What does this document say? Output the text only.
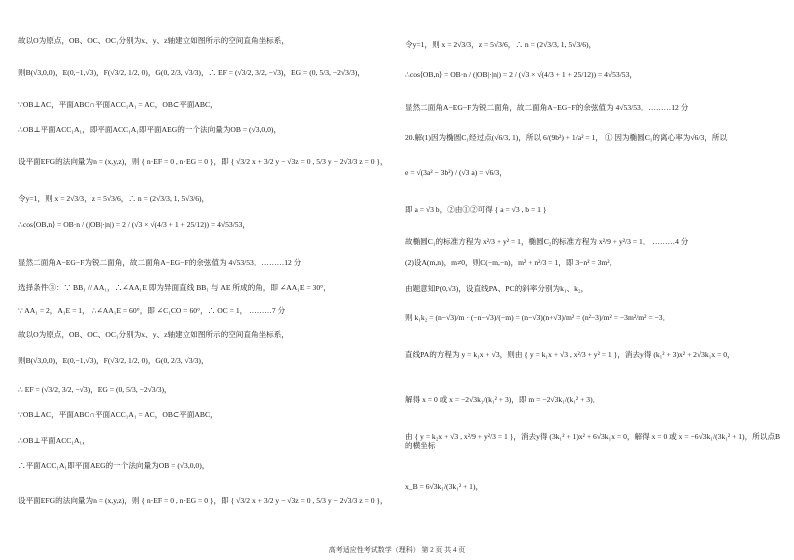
故以O为原点，OB、OC、OC₁分别为x、y、z轴建立如图所示的空间直角坐标系，
则B(√3,0,0)，E(0,−1,√3)，F(√3/2, 1/2, 0)，G(0, 2/3, √3/3)，∴ EF = (√3/2, 3/2, −√3)，EG = (0, 5/3, −2√3/3)，
∵OB⊥AC，平面ABC∩平面ACC₁A₁ = AC，OB⊂平面ABC，
∴OB⊥平面ACC₁A₁，即平面ACC₁A₁即平面AEG的一个法向量为OB = (√3,0,0)，
设平面EFG的法向量为n = (x,y,z)，则 { n·EF = 0 , n·EG = 0 }，即 { √3/2 x + 3/2 y − √3z = 0 , 5/3 y − 2√3/3 z = 0 }，
令y=1，则 x = 2√3/3，z = 5√3/6，∴ n = (2√3/3, 1, 5√3/6)，
∴cos⟨OB,n⟩ = OB·n / (|OB|·|n|) = 2 / (√3 × √(4/3 + 1 + 25/12)) = 4√53/53，
显然二面角A−EG−F为锐二面角，故二面角A−EG−F的余弦值为 4√53/53．………12 分
选择条件③：∵ BB₁ // AA₁，∴∠AA₁E 即为异面直线 BB₁ 与 AE 所成的角，即 ∠AA₁E = 30°，
∵ AA₁ = 2，A₁E = 1， ∴∠AA₁E = 60°，即 ∠C₁CO = 60°，∴ OC = 1， ………7 分
故以O为原点，OB、OC、OC₁分别为x、y、z轴建立如图所示的空间直角坐标系，
则B(√3,0,0)，E(0,−1,√3)，F(√3/2, 1/2, 0)，G(0, 2/3, √3/3)，
∴ EF = (√3/2, 3/2, −√3)，EG = (0, 5/3, −2√3/3)，
∵OB⊥AC，平面ABC∩平面ACC₁A₁ = AC，OB⊂平面ABC，
∴OB⊥平面ACC₁A₁，
∴平面ACC₁A₁即平面AEG的一个法向量为OB = (√3,0,0)，
设平面EFG的法向量为n = (x,y,z)，则 { n·EF = 0 , n·EG = 0 }，即 { √3/2 x + 3/2 y − √3z = 0 , 5/3 y − 2√3/3 z = 0 }，
令y=1，则 x = 2√3/3，z = 5√3/6，∴ n = (2√3/3, 1, 5√3/6)，
∴cos⟨OB,n⟩ = OB·n / (|OB|·|n|) = 2 / (√3 × √(4/3 + 1 + 25/12)) = 4√53/53，
显然二面角A−EG−F为锐二面角，故二面角A−EG−F的余弦值为 4√53/53．………12 分
20.解(1)因为椭圆C₁经过点(√6/3, 1)，所以 6/(9b²) + 1/a² = 1， ① 因为椭圆C₁的离心率为√6/3，所以
e = √(3a² − 3b²) / (√3 a) = √6/3，
即 a = √3 b，②由①②可得 { a = √3 , b = 1 }
故椭圆C₁的标准方程为 x²/3 + y² = 1，椭圆C₂的标准方程为 x²/9 + y²/3 = 1． ………4 分
(2)设A(m,n)，m≠0，则C(−m,−n)，m² + n²/3 = 1，即 3−n² = 3m²．
由题意知P(0,√3)，设直线PA、PC的斜率分别为k₁、k₂，
则 k₁k₂ = (n−√3)/m · (−n−√3)/(−m) = (n−√3)(n+√3)/m² = (n²−3)/m² = −3m²/m² = −3．
直线PA的方程为 y = k₁x + √3，则由 { y = k₁x + √3 , x²/3 + y² = 1 }，消去y得 (k₁² + 3)x² + 2√3k₁x = 0，
解得 x = 0 或 x = −2√3k₁/(k₁² + 3)，即 m = −2√3k₁/(k₁² + 3)．
由 { y = k₂x + √3 , x²/9 + y²/3 = 1 }，消去y得 (3k₁² + 1)x² + 6√3k₁x = 0，解得 x = 0 或 x = −6√3k₁/(3k₁² + 1)，所以点B的横坐标
x_B = 6√3k₁/(3k₁² + 1)，
高考适应性考试数学（理科） 第 2 页 共 4 页
